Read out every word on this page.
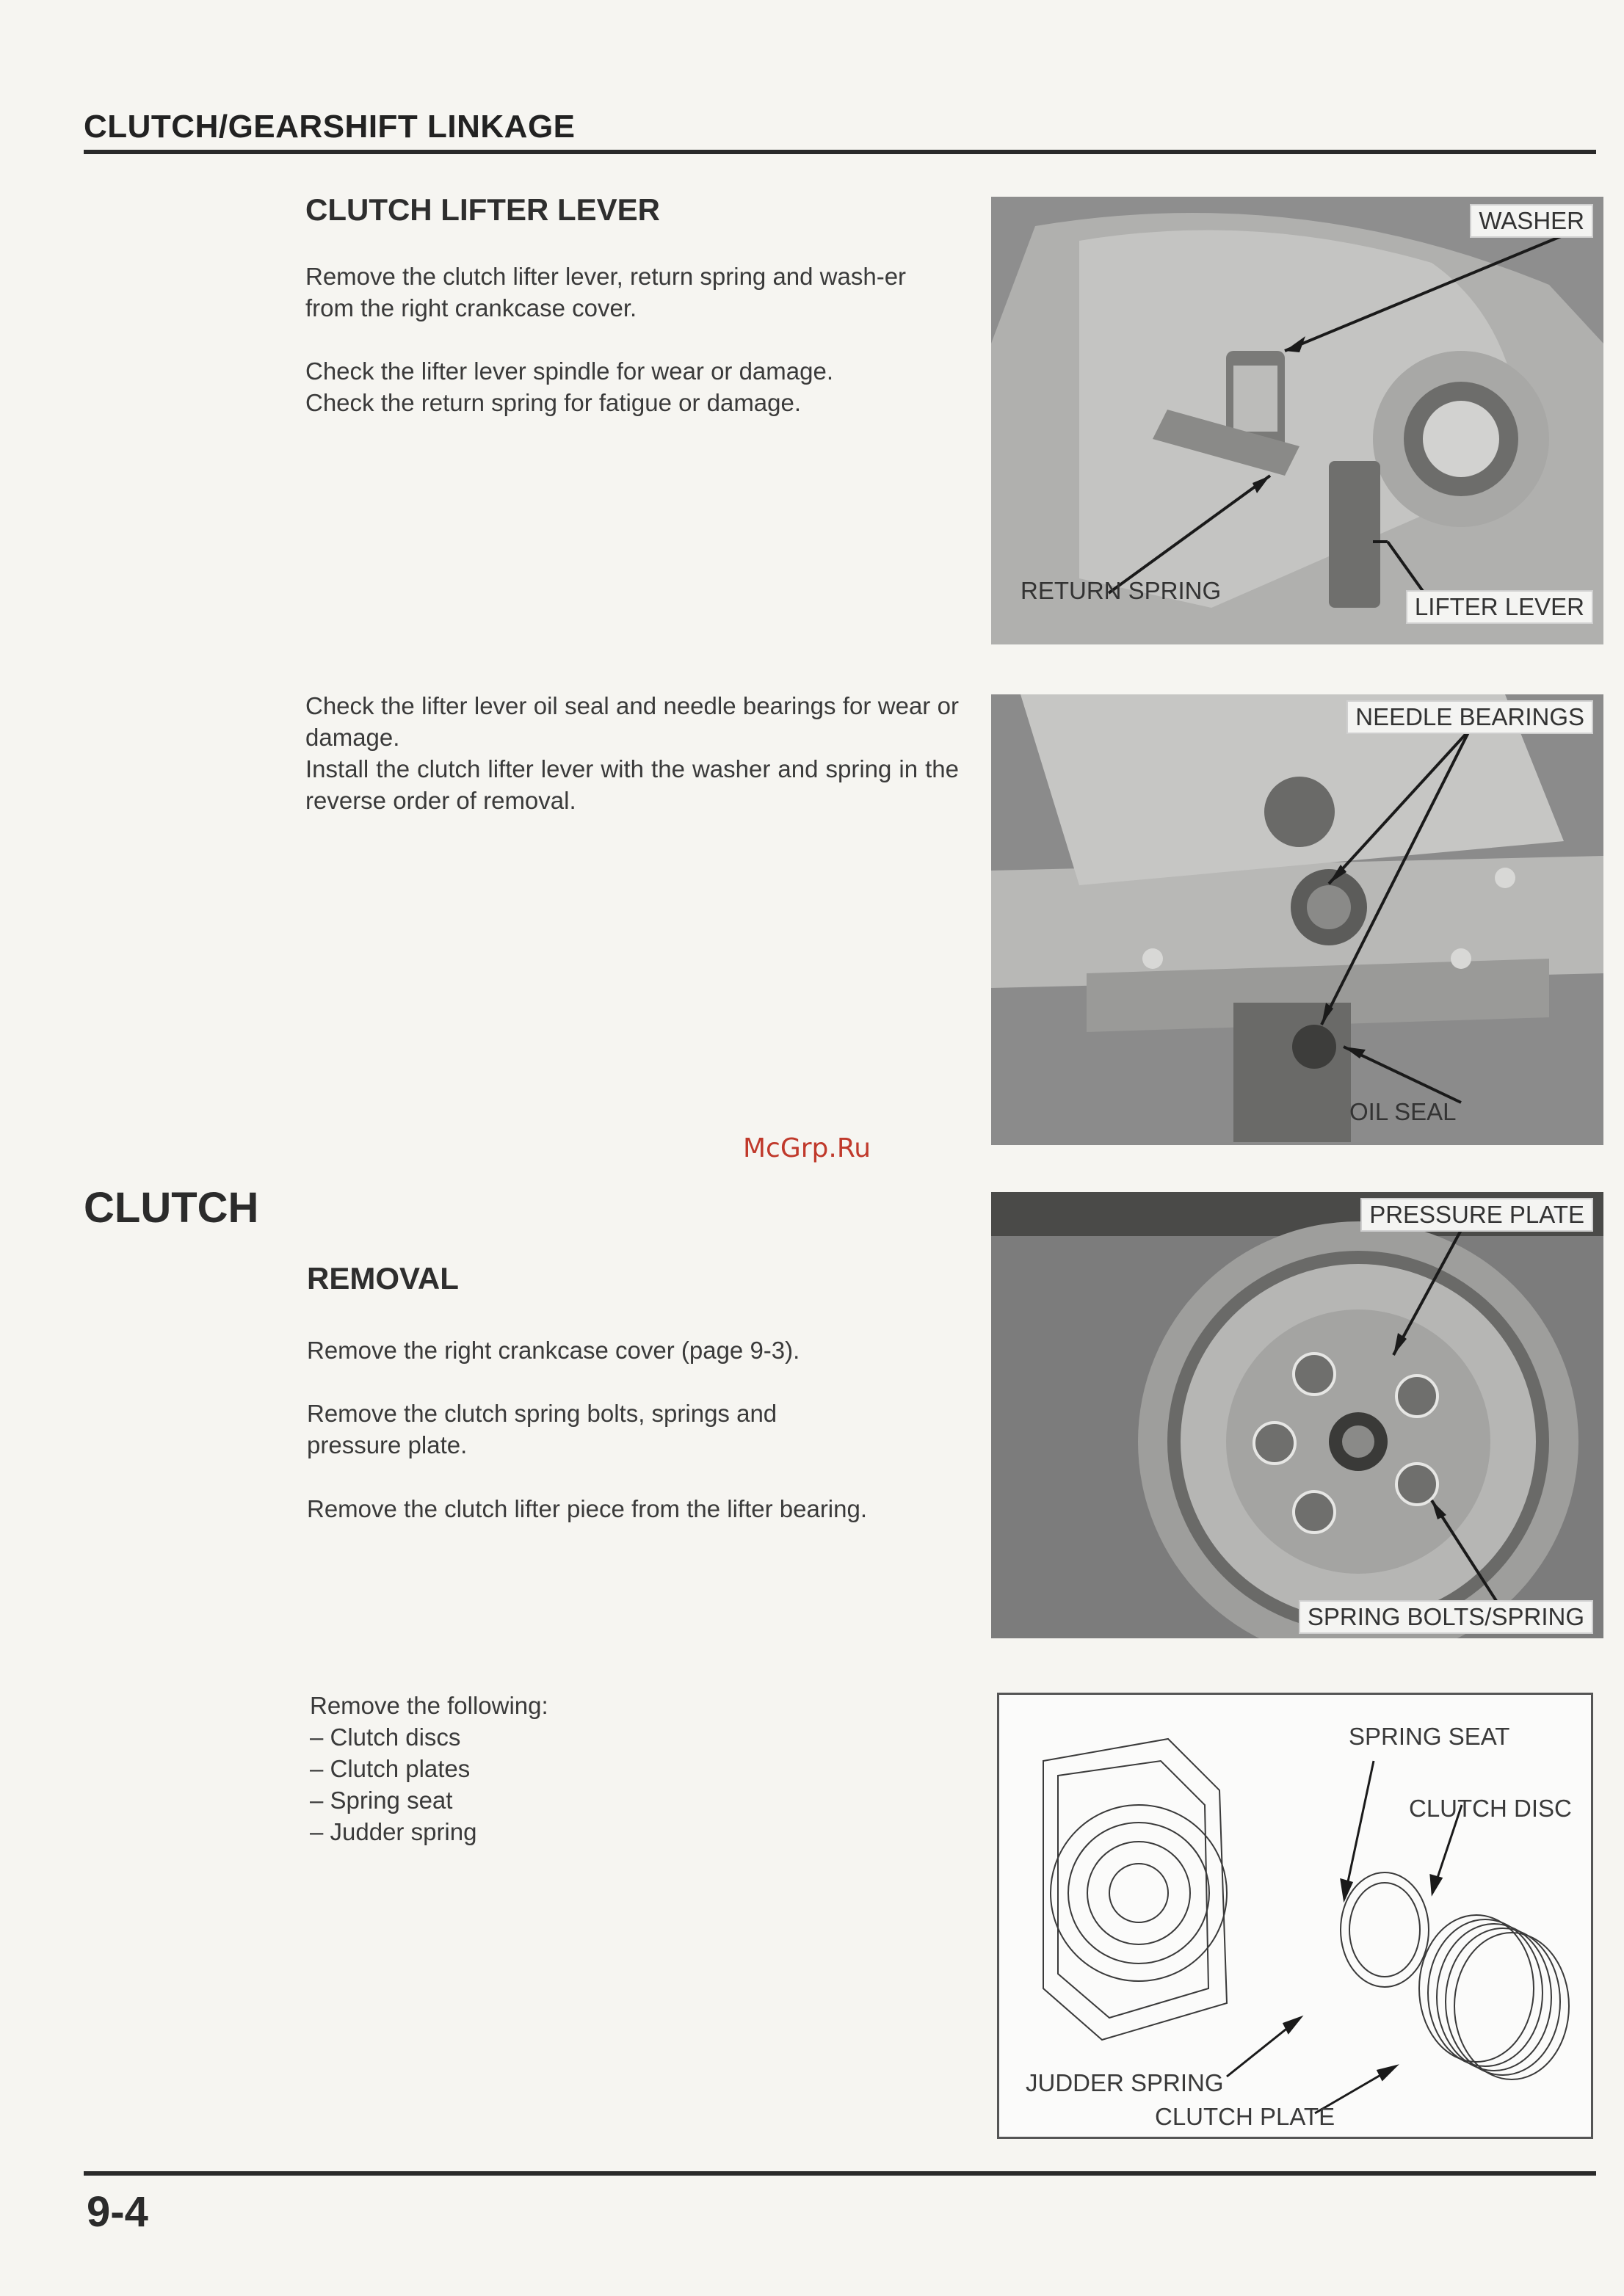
CLUTCH/GEARSHIFT LINKAGE
CLUTCH LIFTER LEVER

Remove the clutch lifter lever, return spring and wash-er from the right crankcase cover.

Check the lifter lever spindle for wear or damage.

Check the return spring for fatigue or damage.

Check the lifter lever oil seal and needle bearings for wear or damage.

Install the clutch lifter lever with the washer and spring in the reverse order of removal.

WASHER
RETURN SPRING
LIFTER LEVER
NEEDLE BEARINGS
OIL SEAL
McGrp.Ru
CLUTCH
REMOVAL
Remove the right crankcase cover (page 9-3).
Remove the clutch spring bolts, springs and pressure plate.
Remove the clutch lifter piece from the lifter bearing.
PRESSURE PLATE
SPRING BOLTS/SPRING
Remove the following:
– Clutch discs
– Clutch plates
– Spring seat
– Judder spring
SPRING SEAT
CLUTCH DISC
JUDDER SPRING
CLUTCH PLATE
9-4
